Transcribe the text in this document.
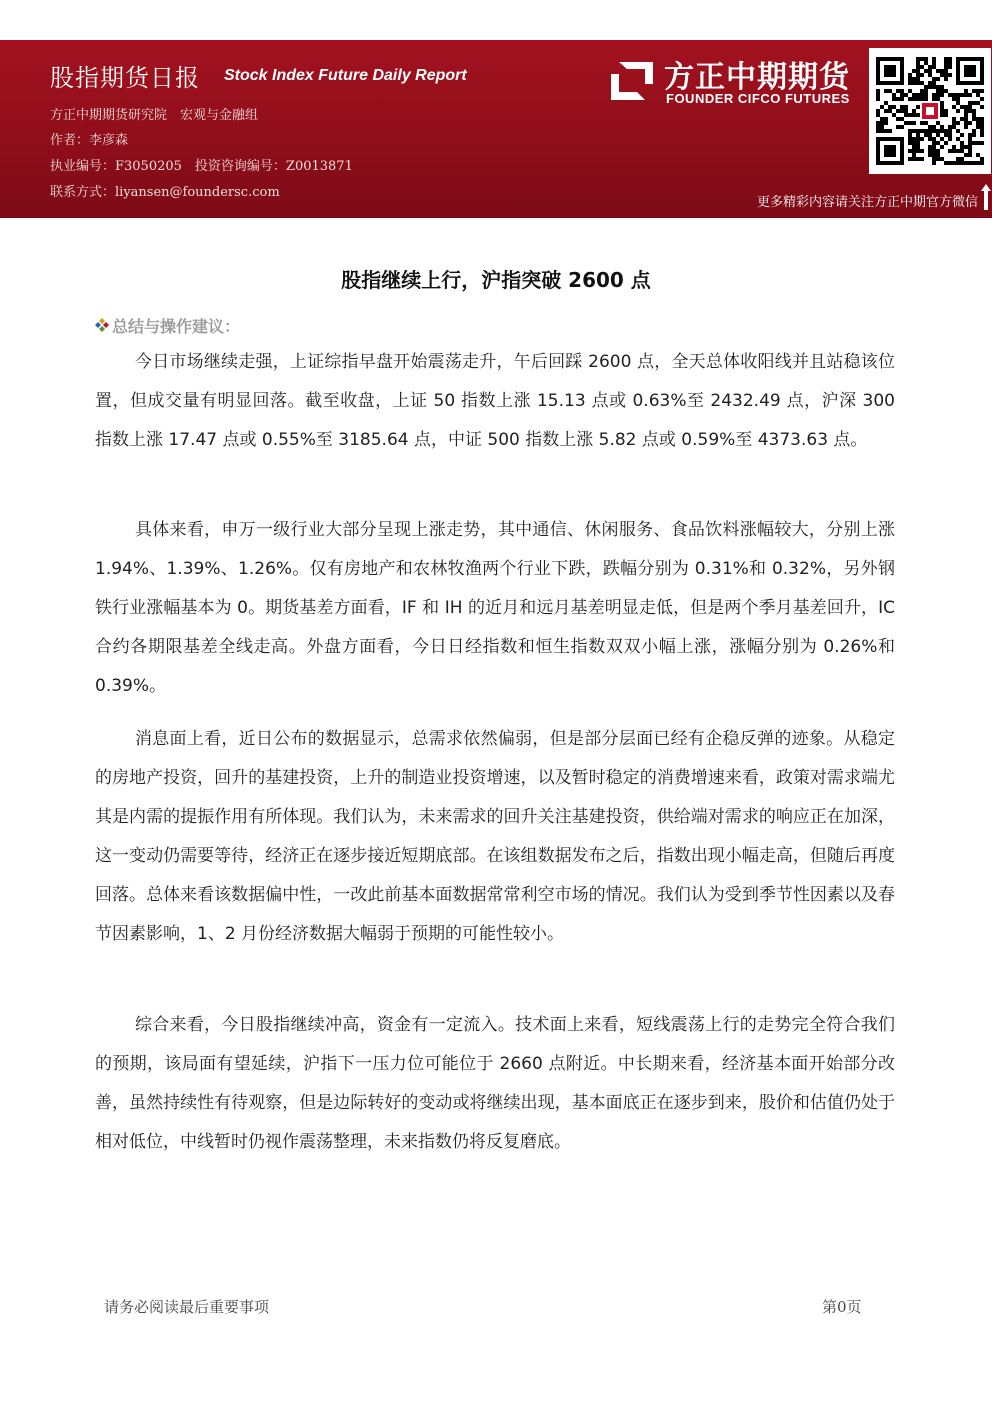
股指期货日报 Stock Index Future Daily Report
方正中期期货研究院　宏观与金融组
作者：李彦森
执业编号：F3050205　投资咨询编号：Z0013871
联系方式：liyansen@foundersc.com
方正中期期货
FOUNDER CIFCO FUTURES
更多精彩内容请关注方正中期官方微信
股指继续上行，沪指突破 2600 点
总结与操作建议：

今日市场继续走强，上证综指早盘开始震荡走升，午后回踩 2600 点，全天总体收阳线并且站稳该位置，但成交量有明显回落。截至收盘，上证 50 指数上涨 15.13 点或 0.63%至 2432.49 点，沪深 300 指数上涨 17.47 点或 0.55%至 3185.64 点，中证 500 指数上涨 5.82 点或 0.59%至 4373.63 点。

具体来看，申万一级行业大部分呈现上涨走势，其中通信、休闲服务、食品饮料涨幅较大，分别上涨 1.94%、1.39%、1.26%。仅有房地产和农林牧渔两个行业下跌，跌幅分别为 0.31%和 0.32%，另外钢铁行业涨幅基本为 0。期货基差方面看，IF 和 IH 的近月和远月基差明显走低，但是两个季月基差回升，IC 合约各期限基差全线走高。外盘方面看，今日日经指数和恒生指数双双小幅上涨，涨幅分别为 0.26%和 0.39%。

消息面上看，近日公布的数据显示，总需求依然偏弱，但是部分层面已经有企稳反弹的迹象。从稳定的房地产投资，回升的基建投资，上升的制造业投资增速，以及暂时稳定的消费增速来看，政策对需求端尤其是内需的提振作用有所体现。我们认为，未来需求的回升关注基建投资，供给端对需求的响应正在加深，这一变动仍需要等待，经济正在逐步接近短期底部。在该组数据发布之后，指数出现小幅走高，但随后再度回落。总体来看该数据偏中性，一改此前基本面数据常常利空市场的情况。我们认为受到季节性因素以及春节因素影响，1、2 月份经济数据大幅弱于预期的可能性较小。

综合来看，今日股指继续冲高，资金有一定流入。技术面上来看，短线震荡上行的走势完全符合我们的预期，该局面有望延续，沪指下一压力位可能位于 2660 点附近。中长期来看，经济基本面开始部分改善，虽然持续性有待观察，但是边际转好的变动或将继续出现，基本面底正在逐步到来，股价和估值仍处于相对低位，中线暂时仍视作震荡整理，未来指数仍将反复磨底。

请务必阅读最后重要事项	第0页
